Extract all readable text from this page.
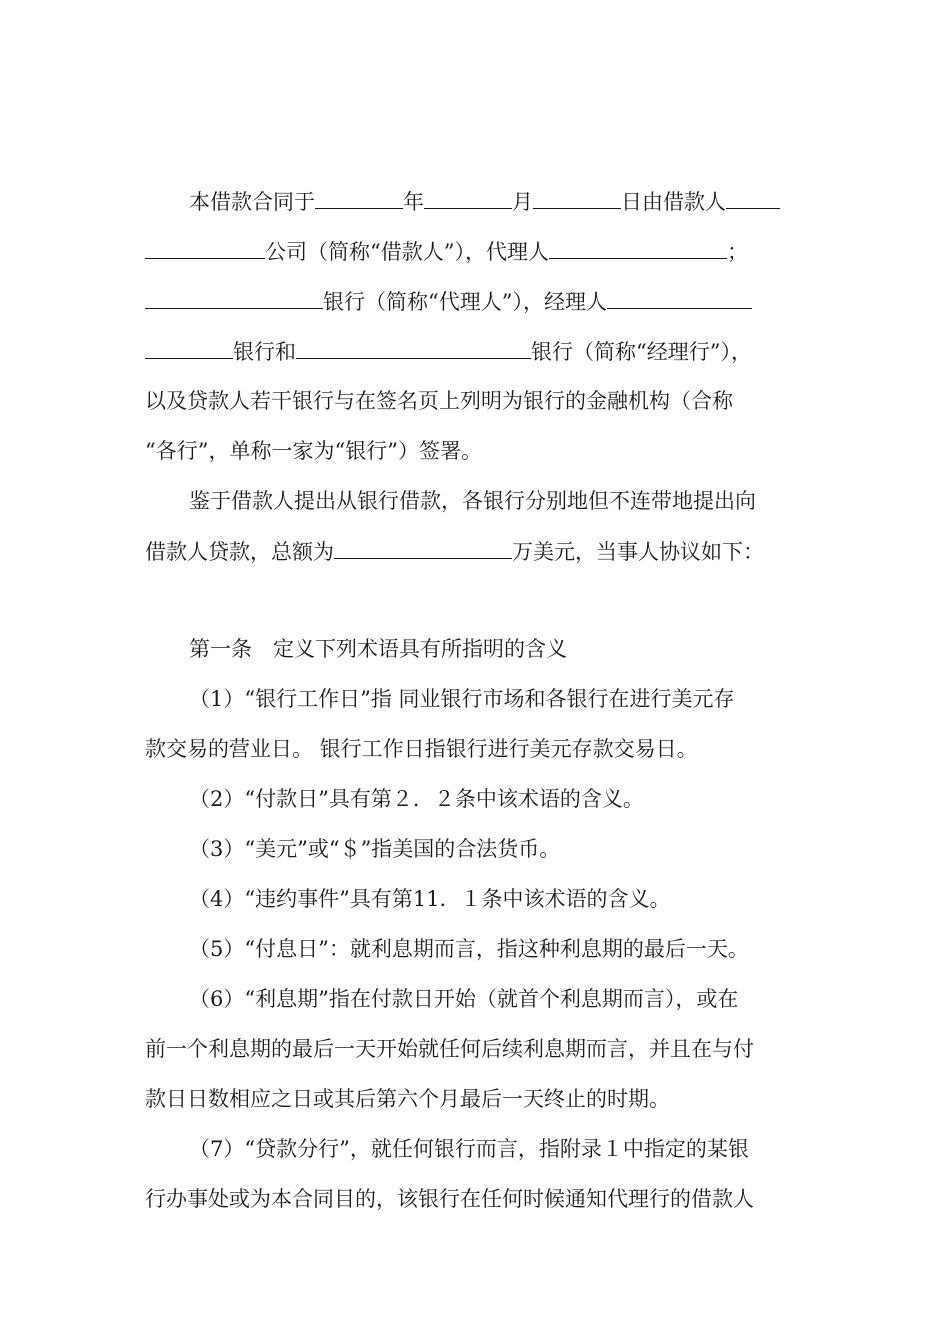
本借款合同于	年	月	日由借款人
公司（简称“借款人”），代理人	；
银行（简称“代理人”），经理人
银行和	银行（简称“经理行”），
以及贷款人若干银行与在签名页上列明为银行的金融机构（合称
“各行”，单称一家为“银行”）签署。
鉴于借款人提出从银行借款，各银行分别地但不连带地提出向
借款人贷款，总额为	万美元，当事人协议如下：
第一条　定义下列术语具有所指明的含义
（1）“银行工作日”指 同业银行市场和各银行在进行美元存
款交易的营业日。 银行工作日指银行进行美元存款交易日。
（2）“付款日”具有第２．２条中该术语的含义。
（3）“美元”或“＄”指美国的合法货币。
（4）“违约事件”具有第11．１条中该术语的含义。
（5）“付息日”：就利息期而言，指这种利息期的最后一天。
（6）“利息期”指在付款日开始（就首个利息期而言），或在
前一个利息期的最后一天开始就任何后续利息期而言，并且在与付
款日日数相应之日或其后第六个月最后一天终止的时期。
（7）“贷款分行”，就任何银行而言，指附录１中指定的某银
行办事处或为本合同目的，该银行在任何时候通知代理行的借款人
